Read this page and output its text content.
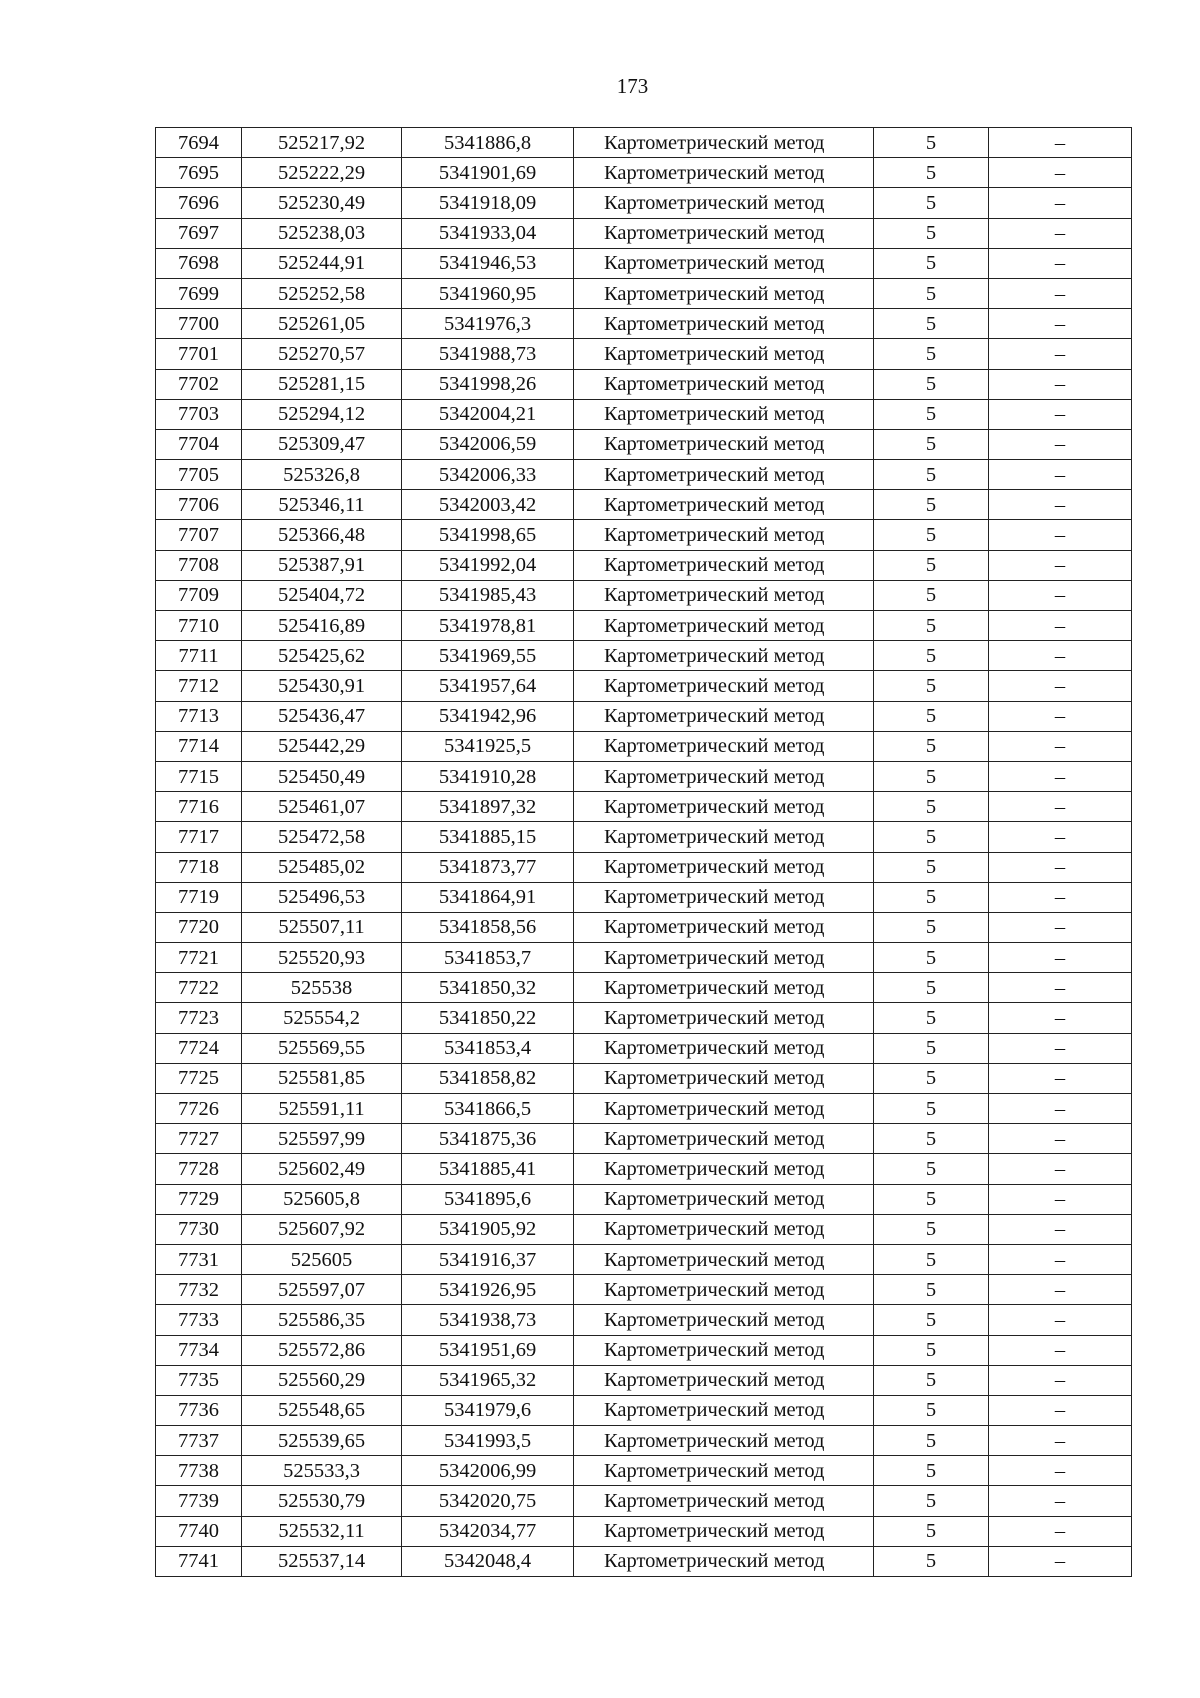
173
7694	525217,92	5341886,8	Картометрический метод	5	–
7695	525222,29	5341901,69	Картометрический метод	5	–
7696	525230,49	5341918,09	Картометрический метод	5	–
7697	525238,03	5341933,04	Картометрический метод	5	–
7698	525244,91	5341946,53	Картометрический метод	5	–
7699	525252,58	5341960,95	Картометрический метод	5	–
7700	525261,05	5341976,3	Картометрический метод	5	–
7701	525270,57	5341988,73	Картометрический метод	5	–
7702	525281,15	5341998,26	Картометрический метод	5	–
7703	525294,12	5342004,21	Картометрический метод	5	–
7704	525309,47	5342006,59	Картометрический метод	5	–
7705	525326,8	5342006,33	Картометрический метод	5	–
7706	525346,11	5342003,42	Картометрический метод	5	–
7707	525366,48	5341998,65	Картометрический метод	5	–
7708	525387,91	5341992,04	Картометрический метод	5	–
7709	525404,72	5341985,43	Картометрический метод	5	–
7710	525416,89	5341978,81	Картометрический метод	5	–
7711	525425,62	5341969,55	Картометрический метод	5	–
7712	525430,91	5341957,64	Картометрический метод	5	–
7713	525436,47	5341942,96	Картометрический метод	5	–
7714	525442,29	5341925,5	Картометрический метод	5	–
7715	525450,49	5341910,28	Картометрический метод	5	–
7716	525461,07	5341897,32	Картометрический метод	5	–
7717	525472,58	5341885,15	Картометрический метод	5	–
7718	525485,02	5341873,77	Картометрический метод	5	–
7719	525496,53	5341864,91	Картометрический метод	5	–
7720	525507,11	5341858,56	Картометрический метод	5	–
7721	525520,93	5341853,7	Картометрический метод	5	–
7722	525538	5341850,32	Картометрический метод	5	–
7723	525554,2	5341850,22	Картометрический метод	5	–
7724	525569,55	5341853,4	Картометрический метод	5	–
7725	525581,85	5341858,82	Картометрический метод	5	–
7726	525591,11	5341866,5	Картометрический метод	5	–
7727	525597,99	5341875,36	Картометрический метод	5	–
7728	525602,49	5341885,41	Картометрический метод	5	–
7729	525605,8	5341895,6	Картометрический метод	5	–
7730	525607,92	5341905,92	Картометрический метод	5	–
7731	525605	5341916,37	Картометрический метод	5	–
7732	525597,07	5341926,95	Картометрический метод	5	–
7733	525586,35	5341938,73	Картометрический метод	5	–
7734	525572,86	5341951,69	Картометрический метод	5	–
7735	525560,29	5341965,32	Картометрический метод	5	–
7736	525548,65	5341979,6	Картометрический метод	5	–
7737	525539,65	5341993,5	Картометрический метод	5	–
7738	525533,3	5342006,99	Картометрический метод	5	–
7739	525530,79	5342020,75	Картометрический метод	5	–
7740	525532,11	5342034,77	Картометрический метод	5	–
7741	525537,14	5342048,4	Картометрический метод	5	–
